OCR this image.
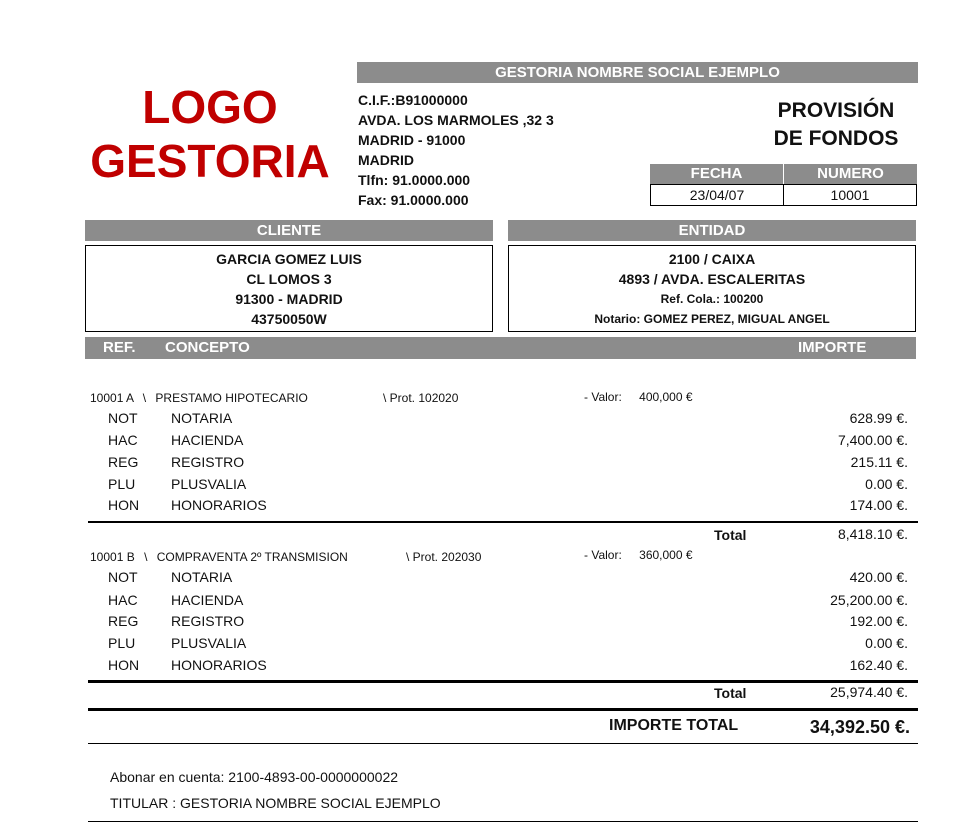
LOGO
GESTORIA
GESTORIA NOMBRE SOCIAL EJEMPLO
C.I.F.:B91000000
AVDA. LOS MARMOLES ,32 3
MADRID - 91000
MADRID
Tlfn: 91.0000.000
Fax: 91.0000.000
PROVISIÓN
DE FONDOS
FECHA	NUMERO
23/04/07	10001
CLIENTE
GARCIA GOMEZ LUIS
CL LOMOS 3
91300 - MADRID
43750050W
ENTIDAD
2100 / CAIXA
4893 / AVDA. ESCALERITAS
Ref. Cola.: 100200
Notario: GOMEZ PEREZ, MIGUAL ANGEL
REF. CONCEPTO	IMPORTE
10001 A \ PRESTAMO HIPOTECARIO	\ Prot. 102020	- Valor: 400,000 €
NOT	NOTARIA	628.99 €.
HAC	HACIENDA	7,400.00 €.
REG	REGISTRO	215.11 €.
PLU	PLUSVALIA	0.00 €.
HON	HONORARIOS	174.00 €.
Total	8,418.10 €.
10001 B \ COMPRAVENTA 2º TRANSMISION	\ Prot. 202030	- Valor: 360,000 €
NOT	NOTARIA	420.00 €.
HAC	HACIENDA	25,200.00 €.
REG	REGISTRO	192.00 €.
PLU	PLUSVALIA	0.00 €.
HON	HONORARIOS	162.40 €.
Total	25,974.40 €.
IMPORTE TOTAL	34,392.50 €.
Abonar en cuenta: 2100-4893-00-0000000022
TITULAR : GESTORIA NOMBRE SOCIAL EJEMPLO
